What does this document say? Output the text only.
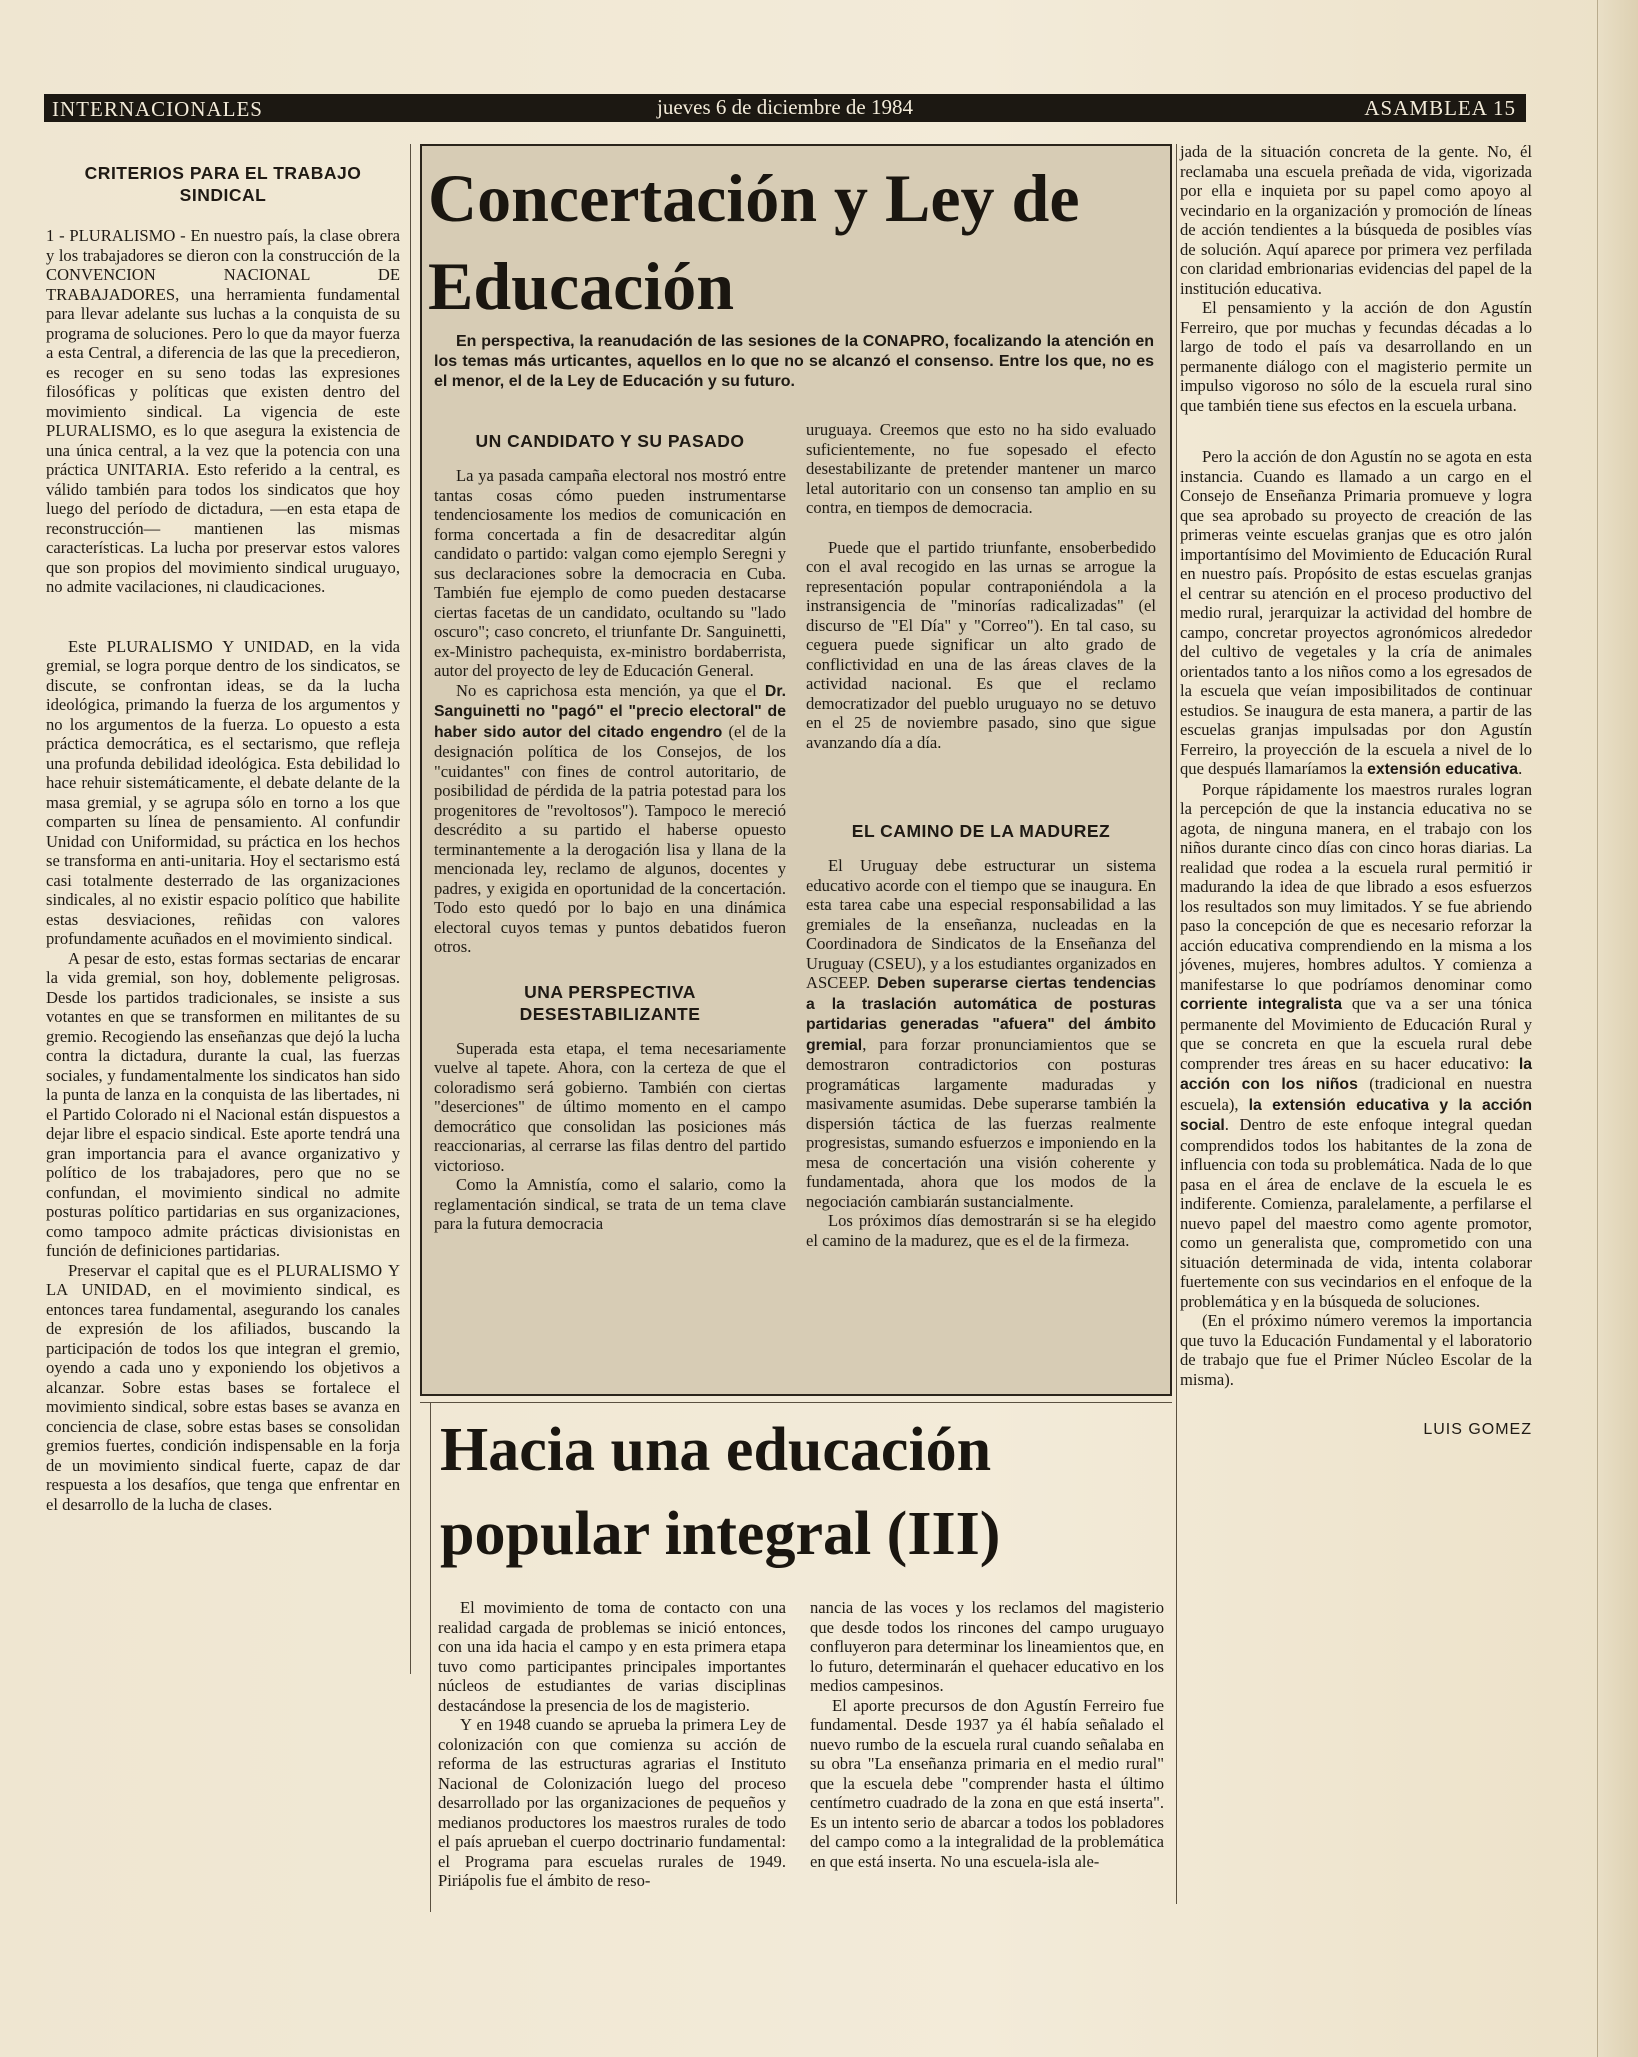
jueves 6 de diciembre de 1984
INTERNACIONALES	ASAMBLEA 15
CRITERIOS PARA EL TRABAJO SINDICAL

1 - PLURALISMO - En nuestro país, la clase obrera y los trabajadores se dieron con la construcción de la CONVENCION NACIONAL DE TRABAJADORES, una herramienta fundamental para llevar adelante sus luchas a la conquista de su programa de soluciones. Pero lo que da mayor fuerza a esta Central, a diferencia de las que la precedieron, es recoger en su seno todas las expresiones filosóficas y políticas que existen dentro del movimiento sindical. La vigencia de este PLURALISMO, es lo que asegura la existencia de una única central, a la vez que la potencia con una práctica UNITARIA. Esto referido a la central, es válido también para todos los sindicatos que hoy luego del período de dictadura, —en esta etapa de reconstrucción— mantienen las mismas características. La lucha por preservar estos valores que son propios del movimiento sindical uruguayo, no admite vacilaciones, ni claudicaciones.

Este PLURALISMO Y UNIDAD, en la vida gremial, se logra porque dentro de los sindicatos, se discute, se confrontan ideas, se da la lucha ideológica, primando la fuerza de los argumentos y no los argumentos de la fuerza. Lo opuesto a esta práctica democrática, es el sectarismo, que refleja una profunda debilidad ideológica. Esta debilidad lo hace rehuir sistemáticamente, el debate delante de la masa gremial, y se agrupa sólo en torno a los que comparten su línea de pensamiento. Al confundir Unidad con Uniformidad, su práctica en los hechos se transforma en anti-unitaria. Hoy el sectarismo está casi totalmente desterrado de las organizaciones sindicales, al no existir espacio político que habilite estas desviaciones, reñidas con valores profundamente acuñados en el movimiento sindical.

A pesar de esto, estas formas sectarias de encarar la vida gremial, son hoy, doblemente peligrosas. Desde los partidos tradicionales, se insiste a sus votantes en que se transformen en militantes de su gremio. Recogiendo las enseñanzas que dejó la lucha contra la dictadura, durante la cual, las fuerzas sociales, y fundamentalmente los sindicatos han sido la punta de lanza en la conquista de las libertades, ni el Partido Colorado ni el Nacional están dispuestos a dejar libre el espacio sindical. Este aporte tendrá una gran importancia para el avance organizativo y político de los trabajadores, pero que no se confundan, el movimiento sindical no admite posturas político partidarias en sus organizaciones, como tampoco admite prácticas divisionistas en función de definiciones partidarias.

Preservar el capital que es el PLURALISMO Y LA UNIDAD, en el movimiento sindical, es entonces tarea fundamental, asegurando los canales de expresión de los afiliados, buscando la participación de todos los que integran el gremio, oyendo a cada uno y exponiendo los objetivos a alcanzar. Sobre estas bases se fortalece el movimiento sindical, sobre estas bases se avanza en conciencia de clase, sobre estas bases se consolidan gremios fuertes, condición indispensable en la forja de un movimiento sindical fuerte, capaz de dar respuesta a los desafíos, que tenga que enfrentar en el desarrollo de la lucha de clases.

Concertación y Ley de
Educación

En perspectiva, la reanudación de las sesiones de la CONAPRO, focalizando la atención en los temas más urticantes, aquellos en lo que no se alcanzó el consenso. Entre los que, no es el menor, el de la Ley de Educación y su futuro.

UN CANDIDATO Y SU PASADO

La ya pasada campaña electoral nos mostró entre tantas cosas cómo pueden instrumentarse tendenciosamente los medios de comunicación en forma concertada a fin de desacreditar algún candidato o partido: valgan como ejemplo Seregni y sus declaraciones sobre la democracia en Cuba. También fue ejemplo de como pueden destacarse ciertas facetas de un candidato, ocultando su "lado oscuro"; caso concreto, el triunfante Dr. Sanguinetti, ex-Ministro pachequista, ex-ministro bordaberrista, autor del proyecto de ley de Educación General.

No es caprichosa esta mención, ya que el Dr. Sanguinetti no "pagó" el "precio electoral" de haber sido autor del citado engendro (el de la designación política de los Consejos, de los "cuidantes" con fines de control autoritario, de posibilidad de pérdida de la patria potestad para los progenitores de "revoltosos"). Tampoco le mereció descrédito a su partido el haberse opuesto terminantemente a la derogación lisa y llana de la mencionada ley, reclamo de algunos, docentes y padres, y exigida en oportunidad de la concertación. Todo esto quedó por lo bajo en una dinámica electoral cuyos temas y puntos debatidos fueron otros.

UNA PERSPECTIVA DESESTABILIZANTE

Superada esta etapa, el tema necesariamente vuelve al tapete. Ahora, con la certeza de que el coloradismo será gobierno. También con ciertas "deserciones" de último momento en el campo democrático que consolidan las posiciones más reaccionarias, al cerrarse las filas dentro del partido victorioso.

Como la Amnistía, como el salario, como la reglamentación sindical, se trata de un tema clave para la futura democracia

uruguaya. Creemos que esto no ha sido evaluado suficientemente, no fue sopesado el efecto desestabilizante de pretender mantener un marco letal autoritario con un consenso tan amplio en su contra, en tiempos de democracia.

Puede que el partido triunfante, ensoberbedido con el aval recogido en las urnas se arrogue la representación popular contraponiéndola a la instransigencia de "minorías radicalizadas" (el discurso de "El Día" y "Correo"). En tal caso, su ceguera puede significar un alto grado de conflictividad en una de las áreas claves de la actividad nacional. Es que el reclamo democratizador del pueblo uruguayo no se detuvo en el 25 de noviembre pasado, sino que sigue avanzando día a día.

EL CAMINO DE LA MADUREZ

El Uruguay debe estructurar un sistema educativo acorde con el tiempo que se inaugura. En esta tarea cabe una especial responsabilidad a las gremiales de la enseñanza, nucleadas en la Coordinadora de Sindicatos de la Enseñanza del Uruguay (CSEU), y a los estudiantes organizados en ASCEEP. Deben superarse ciertas tendencias a la traslación automática de posturas partidarias generadas "afuera" del ámbito gremial, para forzar pronunciamientos que se demostraron contradictorios con posturas programáticas largamente maduradas y masivamente asumidas. Debe superarse también la dispersión táctica de las fuerzas realmente progresistas, sumando esfuerzos e imponiendo en la mesa de concertación una visión coherente y fundamentada, ahora que los modos de la negociación cambiarán sustancialmente.

Los próximos días demostrarán si se ha elegido el camino de la madurez, que es el de la firmeza.

Hacia una educación
popular integral (III)

El movimiento de toma de contacto con una realidad cargada de problemas se inició entonces, con una ida hacia el campo y en esta primera etapa tuvo como participantes principales importantes núcleos de estudiantes de varias disciplinas destacándose la presencia de los de magisterio.

Y en 1948 cuando se aprueba la primera Ley de colonización con que comienza su acción de reforma de las estructuras agrarias el Instituto Nacional de Colonización luego del proceso desarrollado por las organizaciones de pequeños y medianos productores los maestros rurales de todo el país aprueban el cuerpo doctrinario fundamental: el Programa para escuelas rurales de 1949. Piriápolis fue el ámbito de reso-

nancia de las voces y los reclamos del magisterio que desde todos los rincones del campo uruguayo confluyeron para determinar los lineamientos que, en lo futuro, determinarán el quehacer educativo en los medios campesinos.

El aporte precursos de don Agustín Ferreiro fue fundamental. Desde 1937 ya él había señalado el nuevo rumbo de la escuela rural cuando señalaba en su obra "La enseñanza primaria en el medio rural" que la escuela debe "comprender hasta el último centímetro cuadrado de la zona en que está inserta". Es un intento serio de abarcar a todos los pobladores del campo como a la integralidad de la problemática en que está inserta. No una escuela-isla ale-

jada de la situación concreta de la gente. No, él reclamaba una escuela preñada de vida, vigorizada por ella e inquieta por su papel como apoyo al vecindario en la organización y promoción de líneas de acción tendientes a la búsqueda de posibles vías de solución. Aquí aparece por primera vez perfilada con claridad embrionarias evidencias del papel de la institución educativa.

El pensamiento y la acción de don Agustín Ferreiro, que por muchas y fecundas décadas a lo largo de todo el país va desarrollando en un permanente diálogo con el magisterio permite un impulso vigoroso no sólo de la escuela rural sino que también tiene sus efectos en la escuela urbana.

Pero la acción de don Agustín no se agota en esta instancia. Cuando es llamado a un cargo en el Consejo de Enseñanza Primaria promueve y logra que sea aprobado su proyecto de creación de las primeras veinte escuelas granjas que es otro jalón importantísimo del Movimiento de Educación Rural en nuestro país. Propósito de estas escuelas granjas el centrar su atención en el proceso productivo del medio rural, jerarquizar la actividad del hombre de campo, concretar proyectos agronómicos alrededor del cultivo de vegetales y la cría de animales orientados tanto a los niños como a los egresados de la escuela que veían imposibilitados de continuar estudios. Se inaugura de esta manera, a partir de las escuelas granjas impulsadas por don Agustín Ferreiro, la proyección de la escuela a nivel de lo que después llamaríamos la extensión educativa.

Porque rápidamente los maestros rurales logran la percepción de que la instancia educativa no se agota, de ninguna manera, en el trabajo con los niños durante cinco días con cinco horas diarias. La realidad que rodea a la escuela rural permitió ir madurando la idea de que librado a esos esfuerzos los resultados son muy limitados. Y se fue abriendo paso la concepción de que es necesario reforzar la acción educativa comprendiendo en la misma a los jóvenes, mujeres, hombres adultos. Y comienza a manifestarse lo que podríamos denominar como corriente integralista que va a ser una tónica permanente del Movimiento de Educación Rural y que se concreta en que la escuela rural debe comprender tres áreas en su hacer educativo: la acción con los niños (tradicional en nuestra escuela), la extensión educativa y la acción social. Dentro de este enfoque integral quedan comprendidos todos los habitantes de la zona de influencia con toda su problemática. Nada de lo que pasa en el área de enclave de la escuela le es indiferente. Comienza, paralelamente, a perfilarse el nuevo papel del maestro como agente promotor, como un generalista que, comprometido con una situación determinada de vida, intenta colaborar fuertemente con sus vecindarios en el enfoque de la problemática y en la búsqueda de soluciones.

(En el próximo número veremos la importancia que tuvo la Educación Fundamental y el laboratorio de trabajo que fue el Primer Núcleo Escolar de la misma).

LUIS GOMEZ
